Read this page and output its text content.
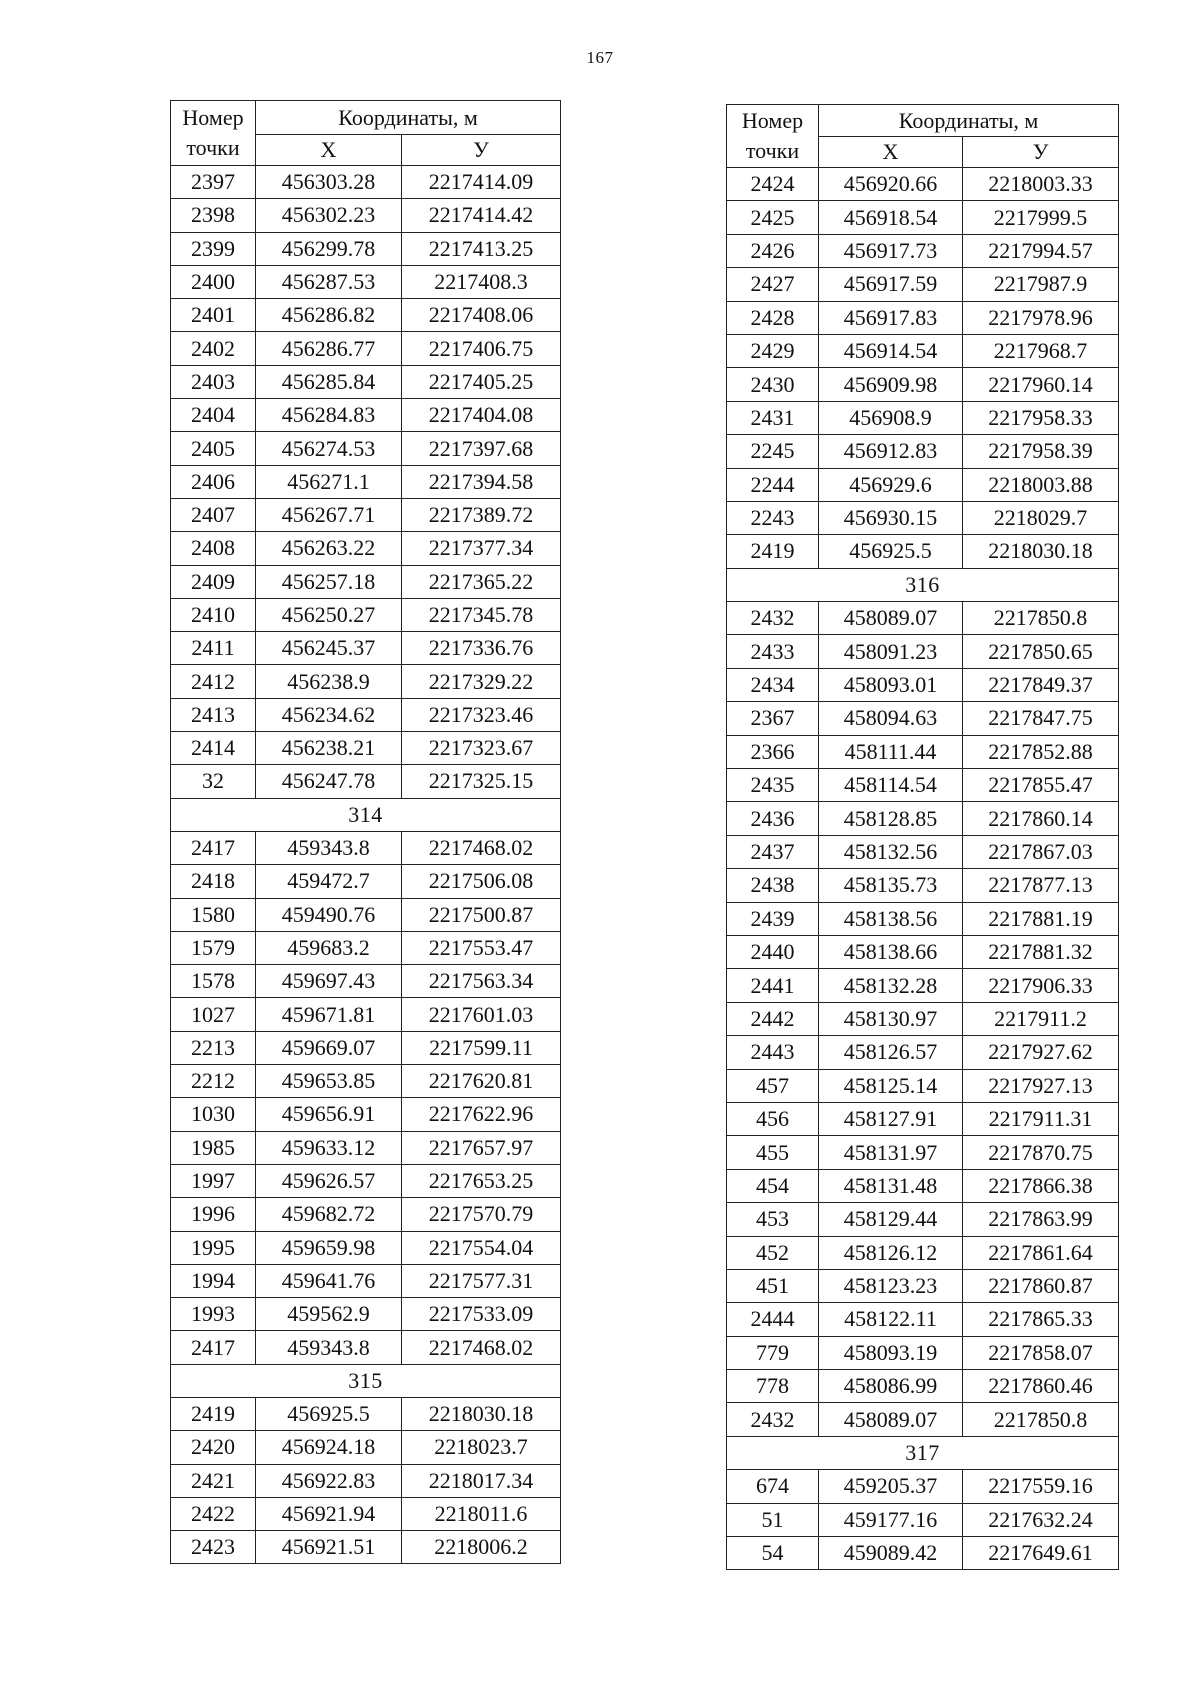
167
Номер точки	Координаты, м	
	X	У
2397	456303.28	2217414.09
2398	456302.23	2217414.42
2399	456299.78	2217413.25
2400	456287.53	2217408.3
2401	456286.82	2217408.06
2402	456286.77	2217406.75
2403	456285.84	2217405.25
2404	456284.83	2217404.08
2405	456274.53	2217397.68
2406	456271.1	2217394.58
2407	456267.71	2217389.72
2408	456263.22	2217377.34
2409	456257.18	2217365.22
2410	456250.27	2217345.78
2411	456245.37	2217336.76
2412	456238.9	2217329.22
2413	456234.62	2217323.46
2414	456238.21	2217323.67
32	456247.78	2217325.15
314		
2417	459343.8	2217468.02
2418	459472.7	2217506.08
1580	459490.76	2217500.87
1579	459683.2	2217553.47
1578	459697.43	2217563.34
1027	459671.81	2217601.03
2213	459669.07	2217599.11
2212	459653.85	2217620.81
1030	459656.91	2217622.96
1985	459633.12	2217657.97
1997	459626.57	2217653.25
1996	459682.72	2217570.79
1995	459659.98	2217554.04
1994	459641.76	2217577.31
1993	459562.9	2217533.09
2417	459343.8	2217468.02
315		
2419	456925.5	2218030.18
2420	456924.18	2218023.7
2421	456922.83	2218017.34
2422	456921.94	2218011.6
2423	456921.51	2218006.2
Номер точки	Координаты, м	
	X	У
2424	456920.66	2218003.33
2425	456918.54	2217999.5
2426	456917.73	2217994.57
2427	456917.59	2217987.9
2428	456917.83	2217978.96
2429	456914.54	2217968.7
2430	456909.98	2217960.14
2431	456908.9	2217958.33
2245	456912.83	2217958.39
2244	456929.6	2218003.88
2243	456930.15	2218029.7
2419	456925.5	2218030.18
316		
2432	458089.07	2217850.8
2433	458091.23	2217850.65
2434	458093.01	2217849.37
2367	458094.63	2217847.75
2366	458111.44	2217852.88
2435	458114.54	2217855.47
2436	458128.85	2217860.14
2437	458132.56	2217867.03
2438	458135.73	2217877.13
2439	458138.56	2217881.19
2440	458138.66	2217881.32
2441	458132.28	2217906.33
2442	458130.97	2217911.2
2443	458126.57	2217927.62
457	458125.14	2217927.13
456	458127.91	2217911.31
455	458131.97	2217870.75
454	458131.48	2217866.38
453	458129.44	2217863.99
452	458126.12	2217861.64
451	458123.23	2217860.87
2444	458122.11	2217865.33
779	458093.19	2217858.07
778	458086.99	2217860.46
2432	458089.07	2217850.8
317		
674	459205.37	2217559.16
51	459177.16	2217632.24
54	459089.42	2217649.61
